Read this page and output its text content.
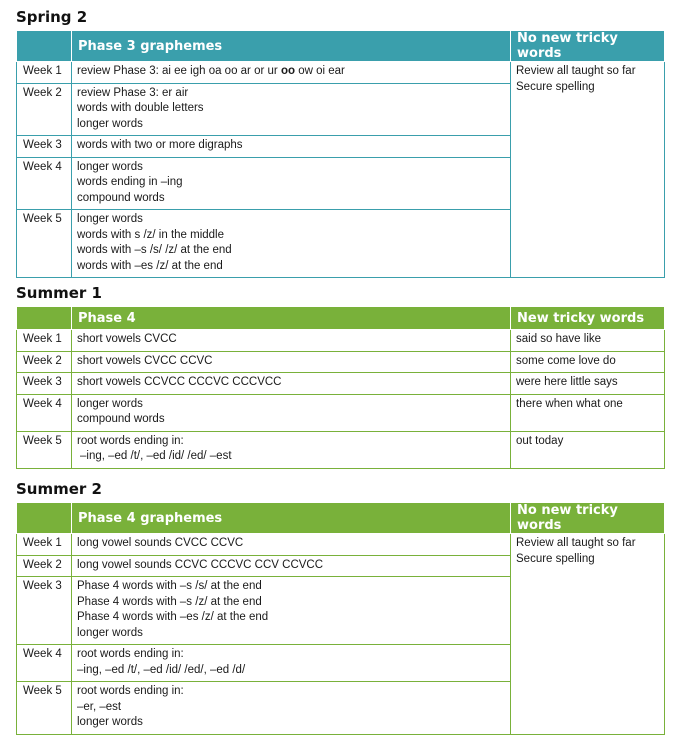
Spring 2
	Phase 3 graphemes	No new tricky words
Week 1	review Phase 3: ai ee igh oa oo ar or ur oo ow oi ear	Review all taught so far
Secure spelling

Week 2	review Phase 3: er air
words with double letters
longer words	

Week 3	words with two or more digraphs	

Week 4	longer words
words ending in –ing
compound words	

Week 5	longer words
words with s /z/ in the middle
words with –s /s/ /z/ at the end
words with –es /z/ at the end	
Summer 1
	Phase 4	New tricky words
Week 1	short vowels CVCC	said so have like
Week 2	short vowels CVCC CCVC	some come love do
Week 3	short vowels CCVCC CCCVC CCCVCC	were here little says
Week 4	longer words
compound words	there when what one
Week 5	root words ending in:
–ing, –ed /t/, –ed /id/ /ed/ –est	out today
Summer 2
	Phase 4 graphemes	No new tricky words
Week 1	long vowel sounds CVCC CCVC	Review all taught so far
Secure spelling

Week 2	long vowel sounds CCVC CCCVC CCV CCVCC	

Week 3	Phase 4 words with –s /s/ at the end
Phase 4 words with –s /z/ at the end
Phase 4 words with –es /z/ at the end
longer words	

Week 4	root words ending in:
–ing, –ed /t/, –ed /id/ /ed/, –ed /d/	

Week 5	root words ending in:
–er, –est
longer words	
